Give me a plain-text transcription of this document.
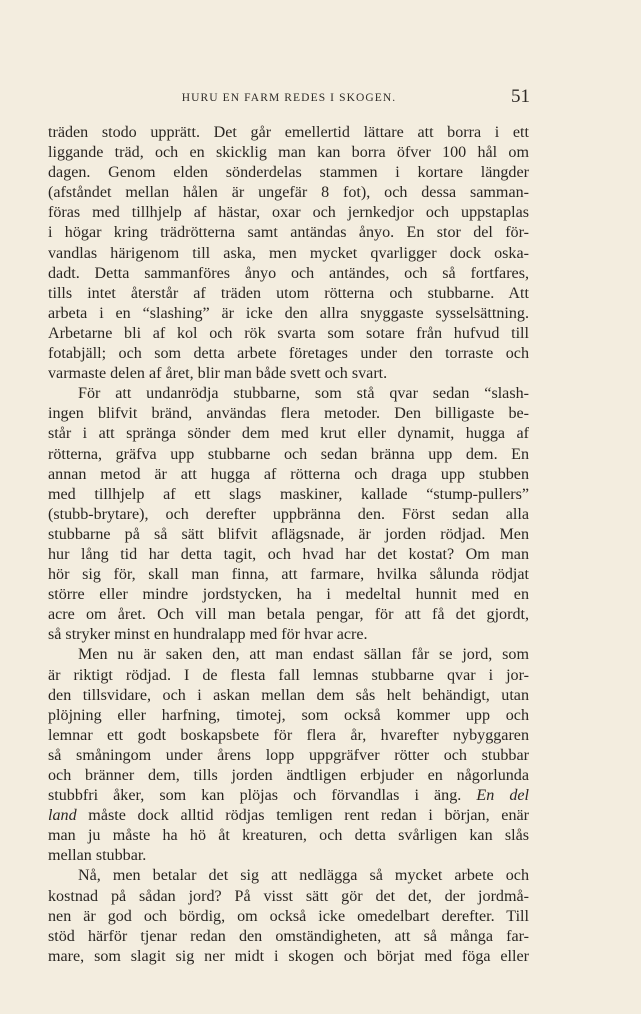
HURU EN FARM REDES I SKOGEN.	51
träden stodo upprätt. Det går emellertid lättare att borra i ett
liggande träd, och en skicklig man kan borra öfver 100 hål om
dagen. Genom elden sönderdelas stammen i kortare längder
(afståndet mellan hålen är ungefär 8 fot), och dessa samman-
föras med tillhjelp af hästar, oxar och jernkedjor och uppstaplas
i högar kring trädrötterna samt antändas ånyo. En stor del för-
vandlas härigenom till aska, men mycket qvarligger dock oska-
dadt. Detta sammanföres ånyo och antändes, och så fortfares,
tills intet återstår af träden utom rötterna och stubbarne. Att
arbeta i en “slashing” är icke den allra snyggaste sysselsättning.
Arbetarne bli af kol och rök svarta som sotare från hufvud till
fotabjäll; och som detta arbete företages under den torraste och
varmaste delen af året, blir man både svett och svart.
För att undanrödja stubbarne, som stå qvar sedan “slash-
ingen blifvit bränd, användas flera metoder. Den billigaste be-
står i att spränga sönder dem med krut eller dynamit, hugga af
rötterna, gräfva upp stubbarne och sedan bränna upp dem. En
annan metod är att hugga af rötterna och draga upp stubben
med tillhjelp af ett slags maskiner, kallade “stump-pullers”
(stubb-brytare), och derefter uppbränna den. Först sedan alla
stubbarne på så sätt blifvit aflägsnade, är jorden rödjad. Men
hur lång tid har detta tagit, och hvad har det kostat? Om man
hör sig för, skall man finna, att farmare, hvilka sålunda rödjat
större eller mindre jordstycken, ha i medeltal hunnit med en
acre om året. Och vill man betala pengar, för att få det gjordt,
så stryker minst en hundralapp med för hvar acre.
Men nu är saken den, att man endast sällan får se jord, som
är riktigt rödjad. I de flesta fall lemnas stubbarne qvar i jor-
den tillsvidare, och i askan mellan dem sås helt behändigt, utan
plöjning eller harfning, timotej, som också kommer upp och
lemnar ett godt boskapsbete för flera år, hvarefter nybyggaren
så småningom under årens lopp uppgräfver rötter och stubbar
och bränner dem, tills jorden ändtligen erbjuder en någorlunda
stubbfri åker, som kan plöjas och förvandlas i äng. En del
land måste dock alltid rödjas temligen rent redan i början, enär
man ju måste ha hö åt kreaturen, och detta svårligen kan slås
mellan stubbar.
Nå, men betalar det sig att nedlägga så mycket arbete och
kostnad på sådan jord? På visst sätt gör det det, der jordmå-
nen är god och bördig, om också icke omedelbart derefter. Till
stöd härför tjenar redan den omständigheten, att så många far-
mare, som slagit sig ner midt i skogen och börjat med föga eller
